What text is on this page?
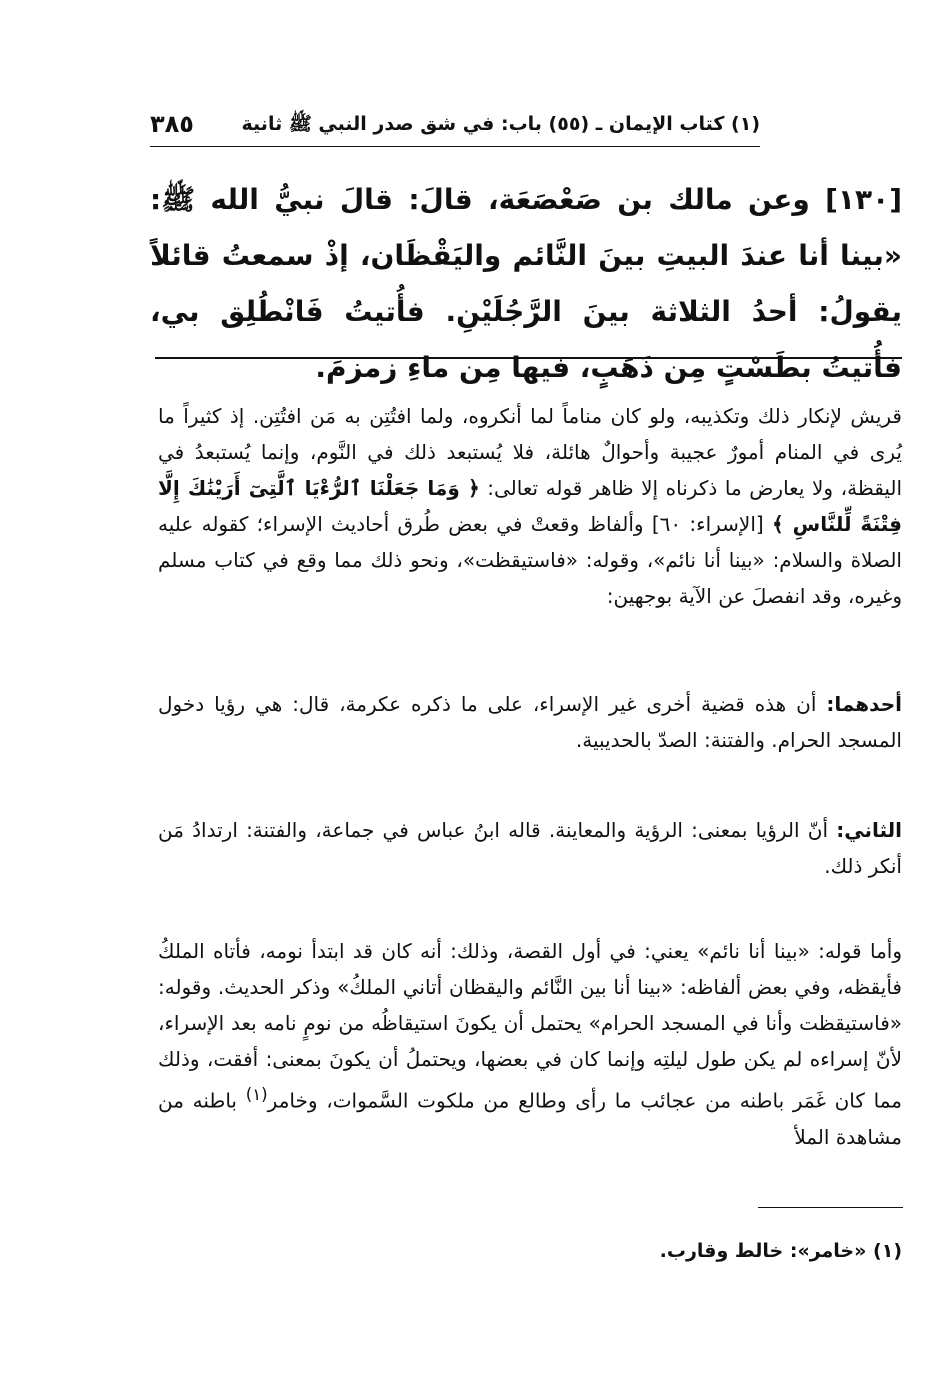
(١) كتاب الإيمان ـ (٥٥) باب: في شق صدر النبي ﷺ ثانية
٣٨٥
[١٣٠] وعن مالك بن صَعْصَعَة، قالَ: قالَ نبيُّ الله ﷺ: «بينا أنا عندَ البيتِ بينَ النَّائم واليَقْظَان، إذْ سمعتُ قائلاً يقولُ: أحدُ الثلاثة بينَ الرَّجُلَيْنِ. فأُتيتُ فَانْطُلِق بي، فأُتيتُ بطَسْتٍ مِن ذَهَبٍ، فيها مِن ماءِ زمزمَ.
قريش لإنكار ذلك وتكذيبه، ولو كان مناماً لما أنكروه، ولما افتُتِن به مَن افتُتِن. إذ كثيراً ما يُرى في المنام أمورٌ عجيبة وأحوالٌ هائلة، فلا يُستبعد ذلك في النَّوم، وإنما يُستبعدُ في اليقظة، ولا يعارض ما ذكرناه إلا ظاهر قوله تعالى: ﴿ وَمَا جَعَلْنَا ٱلرُّءْيَا ٱلَّتِىٓ أَرَيْنَٰكَ إِلَّا فِتْنَةً لِّلنَّاسِ ﴾ [الإسراء: ٦٠] وألفاظ وقعتْ في بعض طُرق أحاديث الإسراء؛ كقوله عليه الصلاة والسلام: «بينا أنا نائم»، وقوله: «فاستيقظت»، ونحو ذلك مما وقع في كتاب مسلم وغيره، وقد انفصلَ عن الآية بوجهين:
أحدهما: أن هذه قضية أخرى غير الإسراء، على ما ذكره عكرمة، قال: هي رؤيا دخول المسجد الحرام. والفتنة: الصدّ بالحديبية.
الثاني: أنّ الرؤيا بمعنى: الرؤية والمعاينة. قاله ابنُ عباس في جماعة، والفتنة: ارتدادُ مَن أنكر ذلك.
وأما قوله: «بينا أنا نائم» يعني: في أول القصة، وذلك: أنه كان قد ابتدأ نومه، فأتاه الملكُ فأيقظه، وفي بعض ألفاظه: «بينا أنا بين النَّائم واليقظان أتاني الملكُ» وذكر الحديث. وقوله: «فاستيقظت وأنا في المسجد الحرام» يحتمل أن يكونَ استيقاظُه من نومٍ نامه بعد الإسراء، لأنّ إسراءه لم يكن طول ليلتِه وإنما كان في بعضها، ويحتملُ أن يكونَ بمعنى: أفقت، وذلك مما كان غَمَر باطنه من عجائب ما رأى وطالع من ملكوت السَّموات، وخامر$^{(١)}$ باطنه من مشاهدة الملأ
(١) «خامر»: خالط وقارب.
